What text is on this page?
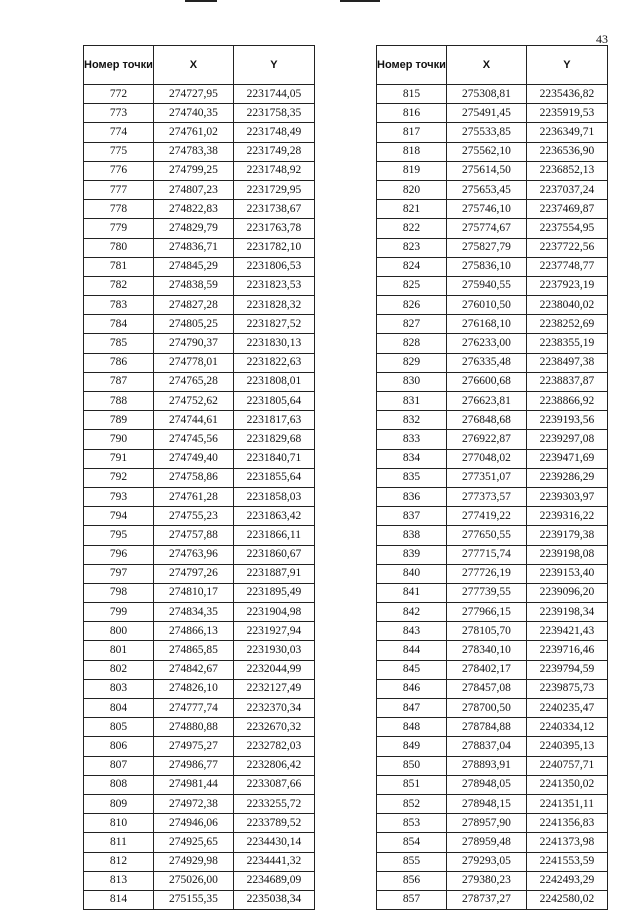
43
Номер точки	X	Y
772	274727,95	2231744,05
773	274740,35	2231758,35
774	274761,02	2231748,49
775	274783,38	2231749,28
776	274799,25	2231748,92
777	274807,23	2231729,95
778	274822,83	2231738,67
779	274829,79	2231763,78
780	274836,71	2231782,10
781	274845,29	2231806,53
782	274838,59	2231823,53
783	274827,28	2231828,32
784	274805,25	2231827,52
785	274790,37	2231830,13
786	274778,01	2231822,63
787	274765,28	2231808,01
788	274752,62	2231805,64
789	274744,61	2231817,63
790	274745,56	2231829,68
791	274749,40	2231840,71
792	274758,86	2231855,64
793	274761,28	2231858,03
794	274755,23	2231863,42
795	274757,88	2231866,11
796	274763,96	2231860,67
797	274797,26	2231887,91
798	274810,17	2231895,49
799	274834,35	2231904,98
800	274866,13	2231927,94
801	274865,85	2231930,03
802	274842,67	2232044,99
803	274826,10	2232127,49
804	274777,74	2232370,34
805	274880,88	2232670,32
806	274975,27	2232782,03
807	274986,77	2232806,42
808	274981,44	2233087,66
809	274972,38	2233255,72
810	274946,06	2233789,52
811	274925,65	2234430,14
812	274929,98	2234441,32
813	275026,00	2234689,09
814	275155,35	2235038,34
Номер точки	X	Y
815	275308,81	2235436,82
816	275491,45	2235919,53
817	275533,85	2236349,71
818	275562,10	2236536,90
819	275614,50	2236852,13
820	275653,45	2237037,24
821	275746,10	2237469,87
822	275774,67	2237554,95
823	275827,79	2237722,56
824	275836,10	2237748,77
825	275940,55	2237923,19
826	276010,50	2238040,02
827	276168,10	2238252,69
828	276233,00	2238355,19
829	276335,48	2238497,38
830	276600,68	2238837,87
831	276623,81	2238866,92
832	276848,68	2239193,56
833	276922,87	2239297,08
834	277048,02	2239471,69
835	277351,07	2239286,29
836	277373,57	2239303,97
837	277419,22	2239316,22
838	277650,55	2239179,38
839	277715,74	2239198,08
840	277726,19	2239153,40
841	277739,55	2239096,20
842	277966,15	2239198,34
843	278105,70	2239421,43
844	278340,10	2239716,46
845	278402,17	2239794,59
846	278457,08	2239875,73
847	278700,50	2240235,47
848	278784,88	2240334,12
849	278837,04	2240395,13
850	278893,91	2240757,71
851	278948,05	2241350,02
852	278948,15	2241351,11
853	278957,90	2241356,83
854	278959,48	2241373,98
855	279293,05	2241553,59
856	279380,23	2242493,29
857	278737,27	2242580,02
